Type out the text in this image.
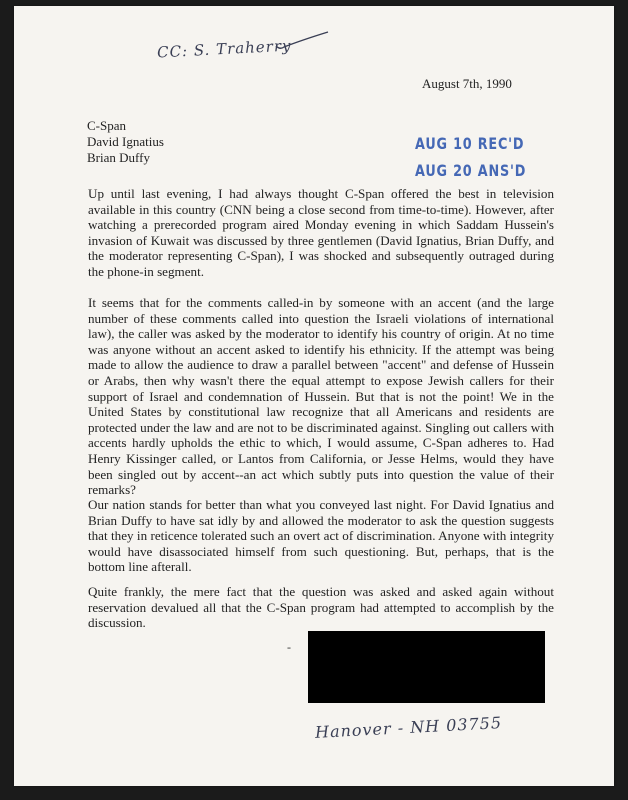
CC: S. Traherry
August 7th, 1990
C-Span
David Ignatius
Brian Duffy
AUG 10 REC'D
AUG 20 ANS'D

Up until last evening, I had always thought C-Span offered the best in television available in this country (CNN being a close second from time-to-time). However, after watching a prerecorded program aired Monday evening in which Saddam Hussein's invasion of Kuwait was discussed by three gentlemen (David Ignatius, Brian Duffy, and the moderator representing C-Span), I was shocked and subsequently outraged during the phone-in segment.

It seems that for the comments called-in by someone with an accent (and the large number of these comments called into question the Israeli violations of international law), the caller was asked by the moderator to identify his country of origin. At no time was anyone without an accent asked to identify his ethnicity. If the attempt was being made to allow the audience to draw a parallel between "accent" and defense of Hussein or Arabs, then why wasn't there the equal attempt to expose Jewish callers for their support of Israel and condemnation of Hussein. But that is not the point! We in the United States by constitutional law recognize that all Americans and residents are protected under the law and are not to be discriminated against. Singling out callers with accents hardly upholds the ethic to which, I would assume, C-Span adheres to. Had Henry Kissinger called, or Lantos from California, or Jesse Helms, would they have been singled out by accent--an act which subtly puts into question the value of their remarks?

Our nation stands for better than what you conveyed last night. For David Ignatius and Brian Duffy to have sat idly by and allowed the moderator to ask the question suggests that they in reticence tolerated such an overt act of discrimination. Anyone with integrity would have disassociated himself from such questioning. But, perhaps, that is the bottom line afterall.

Quite frankly, the mere fact that the question was asked and asked again without reservation devalued all that the C-Span program had attempted to accomplish by the discussion.

-
Hanover - NH 03755
